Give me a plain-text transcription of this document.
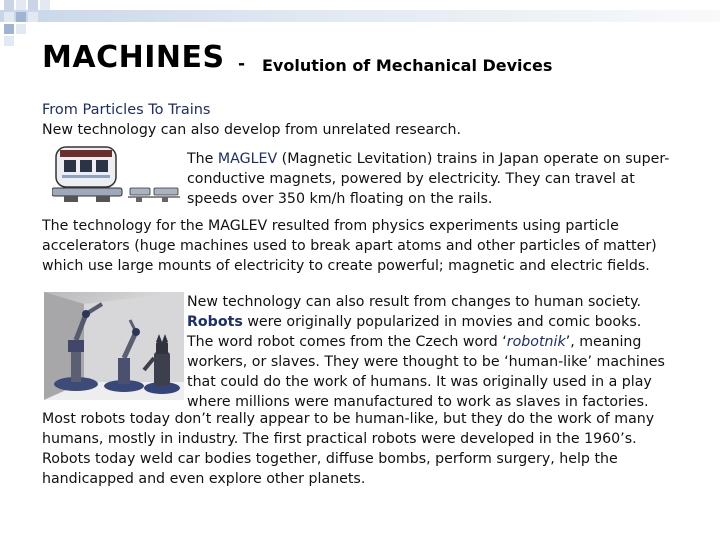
MACHINES - Evolution of Mechanical Devices
From Particles To Trains
New technology can also develop from unrelated research.
The MAGLEV (Magnetic Levitation) trains in Japan operate on super-
conductive magnets, powered by electricity. They can travel at
speeds over 350 km/h floating on the rails.
The technology for the MAGLEV resulted from physics experiments using particle
accelerators (huge machines used to break apart atoms and other particles of matter)
which use large mounts of electricity to create powerful; magnetic and electric fields.
New technology can also result from changes to human society.
Robots were originally popularized in movies and comic books.
The word robot comes from the Czech word ‘robotnik’, meaning
workers, or slaves. They were thought to be ‘human-like’ machines
that could do the work of humans. It was originally used in a play
where millions were manufactured to work as slaves in factories.
Most robots today don’t really appear to be human-like, but they do the work of many
humans, mostly in industry. The first practical robots were developed in the 1960’s.
Robots today weld car bodies together, diffuse bombs, perform surgery, help the
handicapped and even explore other planets.
